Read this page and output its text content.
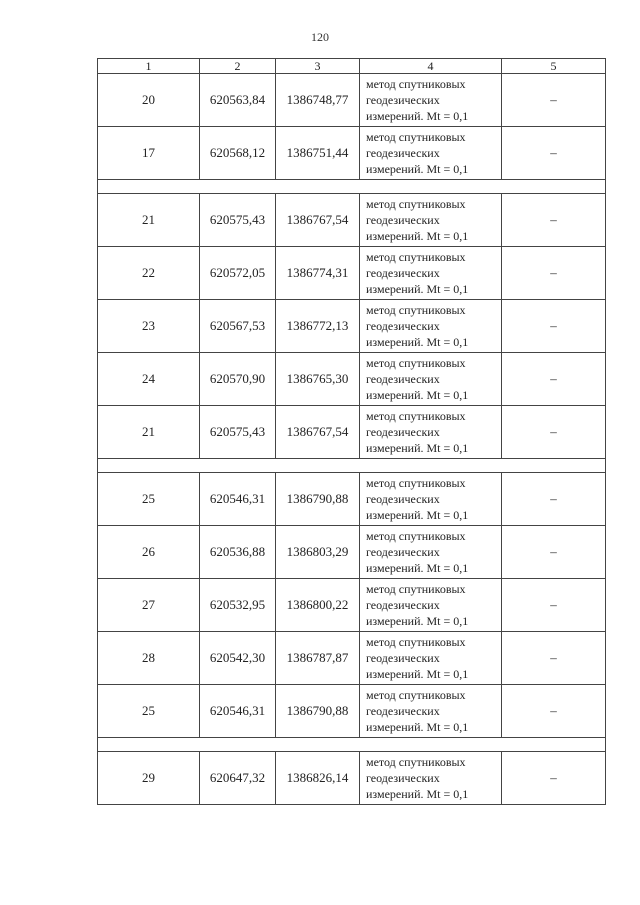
120
1	2	3	4	5
20	620563,84	1386748,77	метод спутниковых
геодезических
измерений. Mt = 0,1	–
17	620568,12	1386751,44	метод спутниковых
геодезических
измерений. Mt = 0,1	–

21	620575,43	1386767,54	метод спутниковых
геодезических
измерений. Mt = 0,1	–
22	620572,05	1386774,31	метод спутниковых
геодезических
измерений. Mt = 0,1	–
23	620567,53	1386772,13	метод спутниковых
геодезических
измерений. Mt = 0,1	–
24	620570,90	1386765,30	метод спутниковых
геодезических
измерений. Mt = 0,1	–
21	620575,43	1386767,54	метод спутниковых
геодезических
измерений. Mt = 0,1	–

25	620546,31	1386790,88	метод спутниковых
геодезических
измерений. Mt = 0,1	–
26	620536,88	1386803,29	метод спутниковых
геодезических
измерений. Mt = 0,1	–
27	620532,95	1386800,22	метод спутниковых
геодезических
измерений. Mt = 0,1	–
28	620542,30	1386787,87	метод спутниковых
геодезических
измерений. Mt = 0,1	–
25	620546,31	1386790,88	метод спутниковых
геодезических
измерений. Mt = 0,1	–

29	620647,32	1386826,14	метод спутниковых
геодезических
измерений. Mt = 0,1	–
